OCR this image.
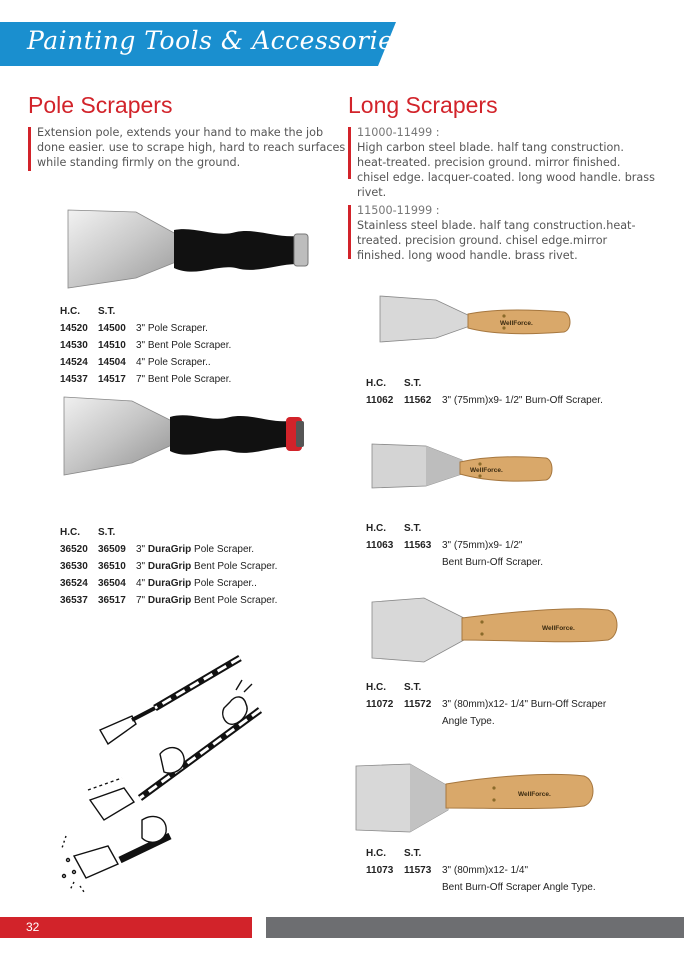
Painting Tools & Accessories
Pole Scrapers
Extension pole, extends your hand to make the job done easier. use to scrape high, hard to reach surfaces while standing firmly on the ground.
H.C.	S.T.
14520	14500	3" Pole Scraper.
14530	14510	3" Bent Pole Scraper.
14524	14504	4" Pole Scraper..
14537	14517	7" Bent Pole Scraper.
H.C.	S.T.
36520	36509	3" DuraGrip Pole Scraper.
36530	36510	3" DuraGrip Bent Pole Scraper.
36524	36504	4" DuraGrip Pole Scraper..
36537	36517	7" DuraGrip Bent Pole Scraper.
Long Scrapers
11000-11499 :
High carbon steel blade. half tang construction. heat-treated. precision ground. mirror finished. chisel edge. lacquer-coated. long wood handle. brass rivet.
11500-11999 :
Stainless steel blade. half tang construction.heat-treated. precision ground. chisel edge.mirror finished. long wood handle. brass rivet.
WellForce.
H.C.	S.T.
11062	11562	3" (75mm)x9- 1/2" Burn-Off Scraper.
WellForce.
H.C.	S.T.
11063	11563	3" (75mm)x9- 1/2"
Bent Burn-Off Scraper.
WellForce.
H.C.	S.T.
11072	11572	3" (80mm)x12- 1/4" Burn-Off Scraper
Angle Type.
WellForce.
H.C.	S.T.
11073	11573	3" (80mm)x12- 1/4"
Bent Burn-Off Scraper Angle Type.
32
